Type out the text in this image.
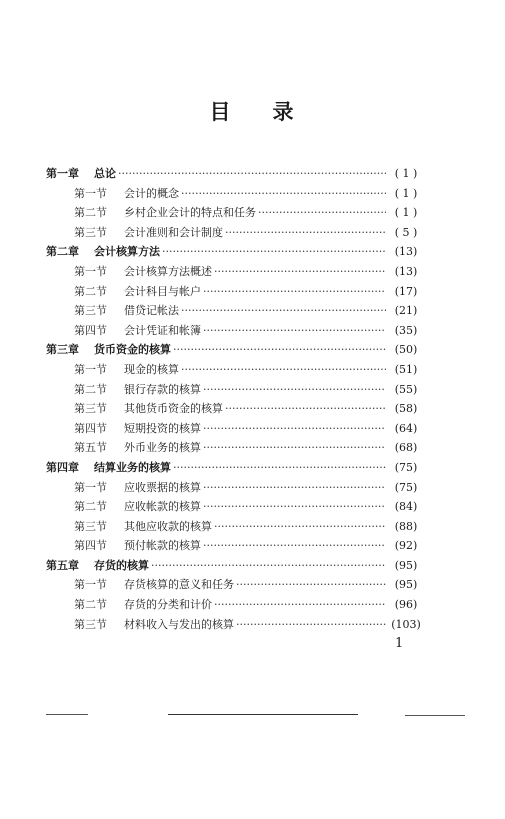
目 录
第一章	总论 ·····	( 1 )
第一节	会计的概念 ·····	( 1 )
第二节	乡村企业会计的特点和任务 ·····	( 1 )
第三节	会计准则和会计制度 ·····	( 5 )
第二章	会计核算方法 ·····	(13)
第一节	会计核算方法概述 ·····	(13)
第二节	会计科目与帐户 ·····	(17)
第三节	借贷记帐法 ·····	(21)
第四节	会计凭证和帐簿 ·····	(35)
第三章	货币资金的核算 ·····	(50)
第一节	现金的核算 ·····	(51)
第二节	银行存款的核算 ·····	(55)
第三节	其他货币资金的核算 ·····	(58)
第四节	短期投资的核算 ·····	(64)
第五节	外币业务的核算 ·····	(68)
第四章	结算业务的核算 ·····	(75)
第一节	应收票据的核算 ·····	(75)
第二节	应收帐款的核算 ·····	(84)
第三节	其他应收款的核算 ·····	(88)
第四节	预付帐款的核算 ·····	(92)
第五章	存货的核算 ·····	(95)
第一节	存货核算的意义和任务 ·····	(95)
第二节	存货的分类和计价 ·····	(96)
第三节	材料收入与发出的核算 ·····	(103)
1
